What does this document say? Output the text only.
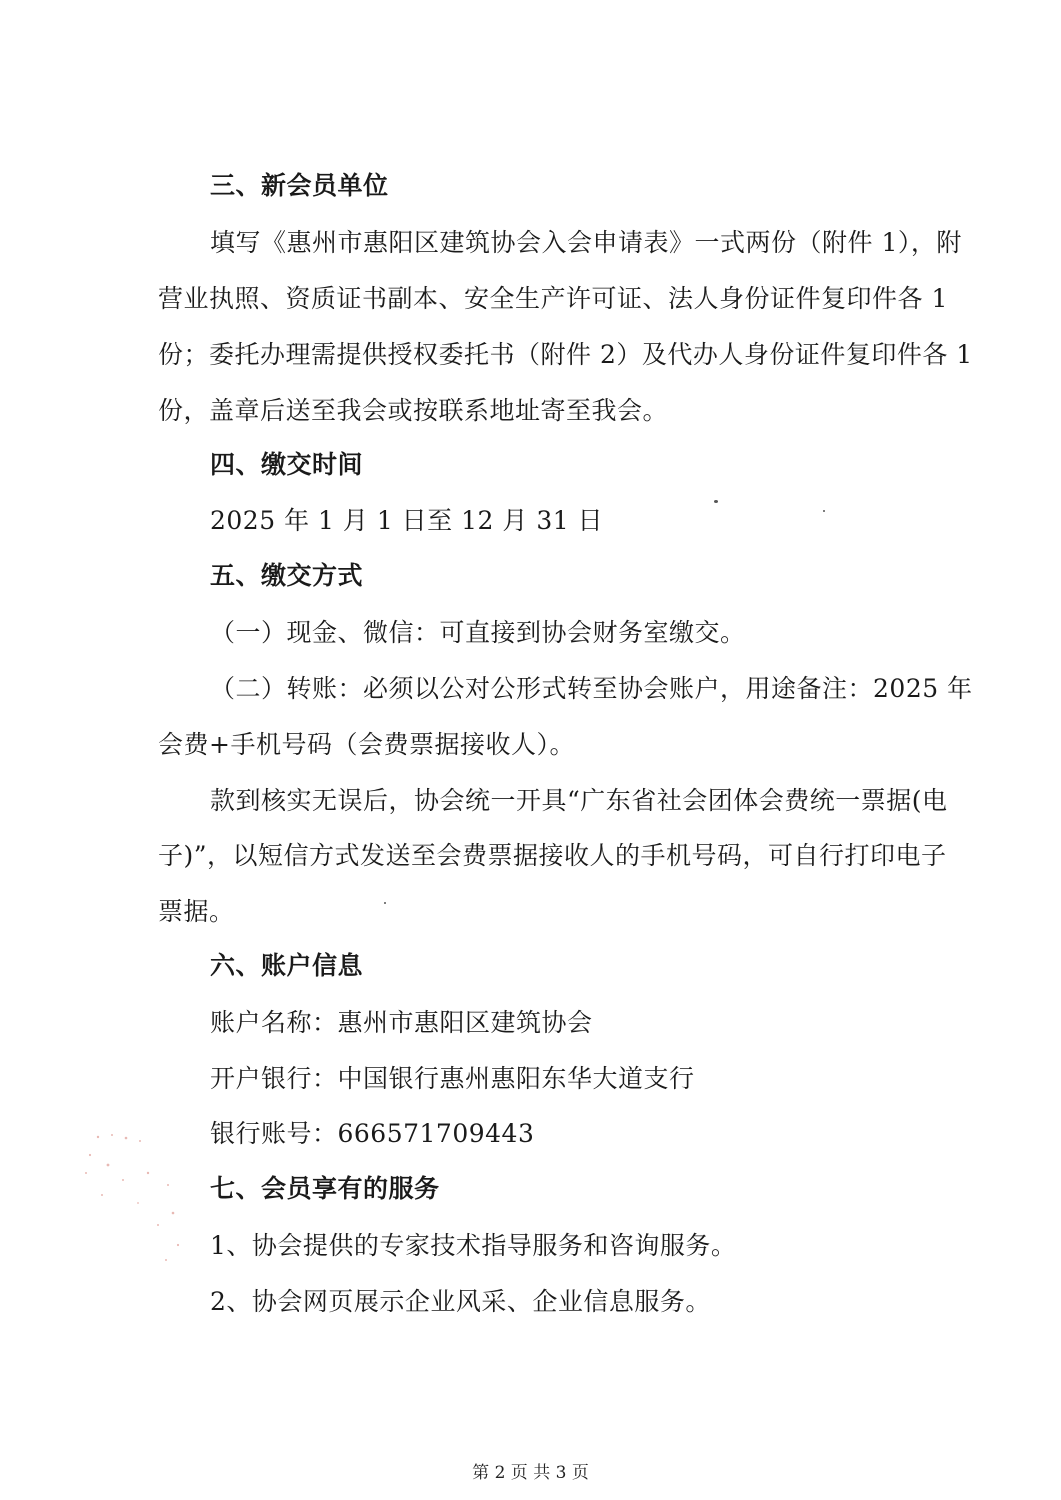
三、新会员单位
填写《惠州市惠阳区建筑协会入会申请表》一式两份（附件 1），附
营业执照、资质证书副本、安全生产许可证、法人身份证件复印件各 1
份；委托办理需提供授权委托书（附件 2）及代办人身份证件复印件各 1
份，盖章后送至我会或按联系地址寄至我会。
四、缴交时间
2025 年 1 月 1 日至 12 月 31 日
五、缴交方式
（一）现金、微信：可直接到协会财务室缴交。
（二）转账：必须以公对公形式转至协会账户，用途备注：2025 年
会费+手机号码（会费票据接收人）。
款到核实无误后，协会统一开具“广东省社会团体会费统一票据(电
子)”，以短信方式发送至会费票据接收人的手机号码，可自行打印电子
票据。
六、账户信息
账户名称：惠州市惠阳区建筑协会
开户银行：中国银行惠州惠阳东华大道支行
银行账号：666571709443
七、会员享有的服务
1、协会提供的专家技术指导服务和咨询服务。
2、协会网页展示企业风采、企业信息服务。
第 2 页 共 3 页
